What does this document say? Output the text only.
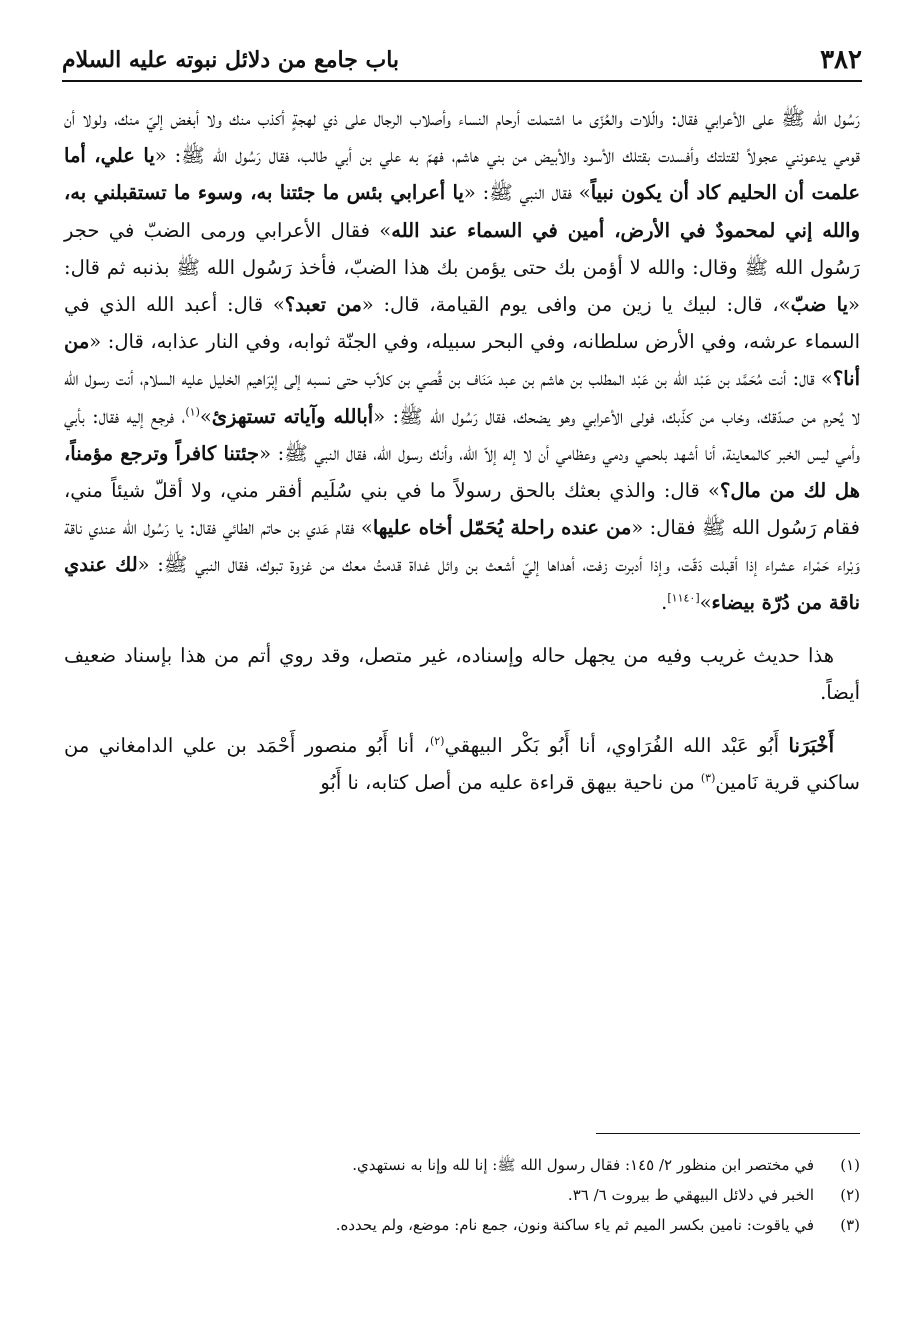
٣٨٢
باب جامع من دلائل نبوته عليه السلام

رَسُول الله ﷺ على الأعرابي فقال: والّلات والعُزّى ما اشتملت أرحام النساء وأصلاب الرجال على ذي لهجةٍ أكذب منك ولا أبغض إليّ منك، ولولا أن قومي يدعونني عجولاً لقتلتك وأفسدت بقتلك الأسود والأبيض من بني هاشم، فهمّ به علي بن أبي طالب، فقال رَسُول الله ﷺ: «يا علي، أما علمت أن الحليم كاد أن يكون نبياً» فقال النبي ﷺ: «يا أعرابي بئس ما جئتنا به، وسوء ما تستقبلني به، والله إني لمحمودٌ في الأرض، أمين في السماء عند الله» فقال الأعرابي ورمى الضبّ في حجر رَسُول الله ﷺ وقال: والله لا أؤمن بك حتى يؤمن بك هذا الضبّ، فأخذ رَسُول الله ﷺ بذنبه ثم قال: «يا ضبّ»، قال: لبيك يا زين من وافى يوم القيامة، قال: «من تعبد؟» قال: أعبد الله الذي في السماء عرشه، وفي الأرض سلطانه، وفي البحر سبيله، وفي الجنّة ثوابه، وفي النار عذابه، قال: «من أنا؟» قال: أنت مُحَمَّد بن عَبْد الله بن عَبْد المطلب بن هاشم بن عبد مَنَاف بن قُصي بن كلاّب حتى نسبه إلى إبْرَاهيم الخليل عليه السلام، أنت رسول الله لا يُحرم من صدّقك، وخاب من كذّبك، فولى الأعرابي وهو يضحك، فقال رَسُول الله ﷺ: «أبالله وآياته تستهزئ»$^{(١)}$، فرجع إليه فقال: بأبي وأمي ليس الخبر كالمعاينة، أنا أشهد بلحمي ودمي وعظامي أن لا إله إلاّ الله، وأنك رسول الله، فقال النبي ﷺ: «جئتنا كافراً وترجع مؤمناً، هل لك من مال؟» قال: والذي بعثك بالحق رسولاً ما في بني سُلَيم أفقر مني، ولا أقلّ شيئاً مني، فقام رَسُول الله ﷺ فقال: «من عنده راحلة يُحَمّل أخاه عليها» فقام عَدي بن حاتم الطائي فقال: يا رَسُول الله عندي ناقة وَبْراء حَمْراء عشراء إذا أقبلت دَقّت، وإذا أدبرت زفت، أهداها إليّ أشعث بن وائل غداة قدمتُ معك من غزوة تبوك، فقال النبي ﷺ: «لك عندي ناقة من دُرّة بيضاء»[١١٤٠].

هذا حديث غريب وفيه من يجهل حاله وإسناده، غير متصل، وقد روي أتم من هذا بإسناد ضعيف أيضاً.

أَخْبَرَنا أَبُو عَبْد الله الفُرَاوي، أنا أَبُو بَكْر البيهقي$^{(٢)}$، أنا أَبُو منصور أَحْمَد بن علي الدامغاني من ساكني قرية نَامين$^{(٣)}$ من ناحية بيهق قراءة عليه من أصل كتابه، نا أَبُو

(١)
في مختصر ابن منظور ٢/ ١٤٥: فقال رسول الله ﷺ: إنا لله وإنا به نستهدي.
(٢)
الخبر في دلائل البيهقي ط بيروت ٦/ ٣٦.
(٣)
في ياقوت: نامين بكسر الميم ثم ياء ساكنة ونون، جمع نام: موضع، ولم يحدده.
